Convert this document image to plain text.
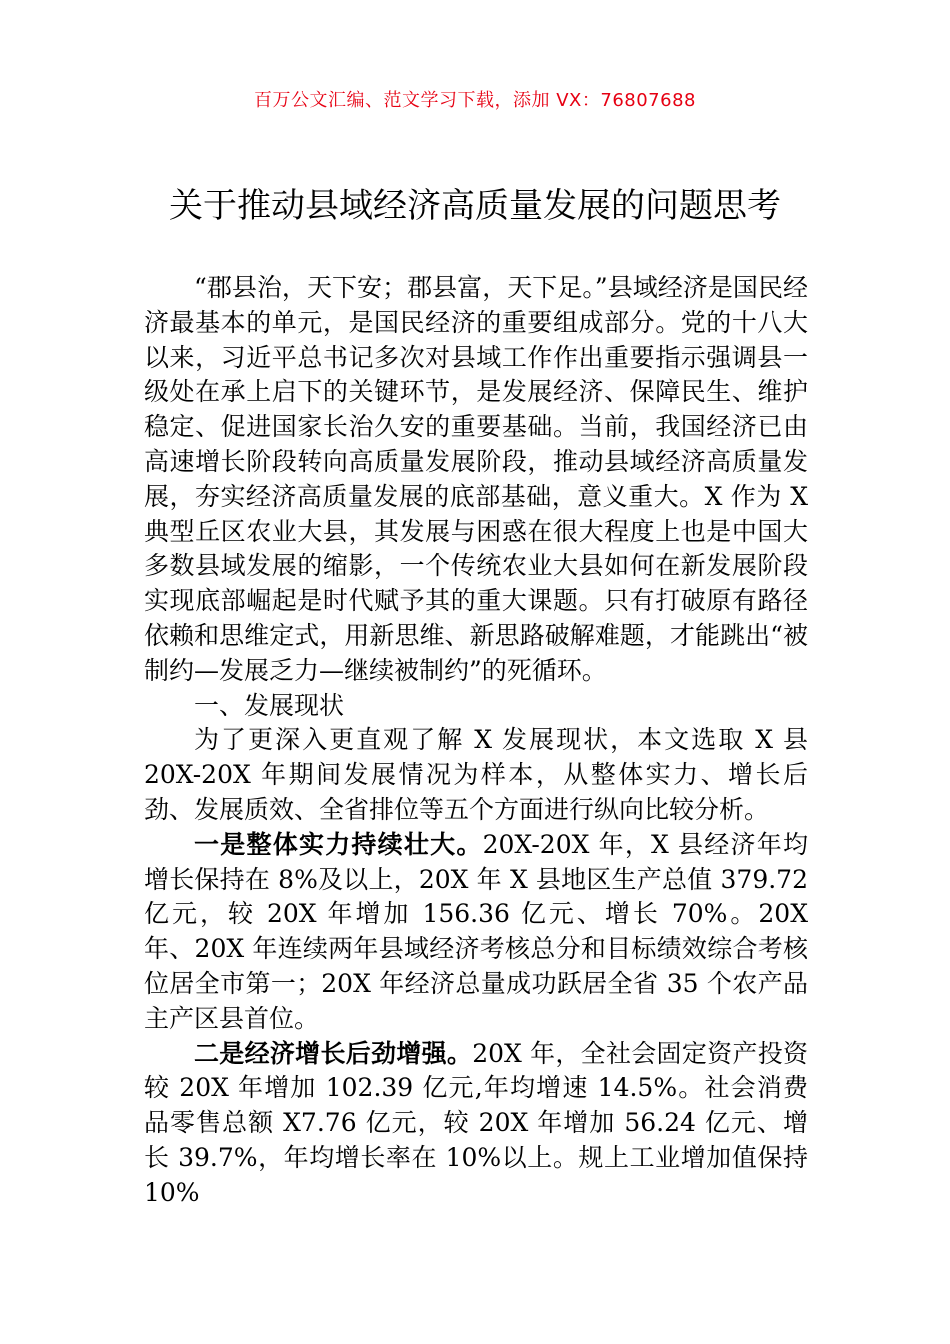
百万公文汇编、范文学习下载，添加 VX：76807688
关于推动县域经济高质量发展的问题思考

“郡县治，天下安；郡县富，天下足。”县域经济是国民经济最基本的单元，是国民经济的重要组成部分。党的十八大以来，习近平总书记多次对县域工作作出重要指示强调县一级处在承上启下的关键环节，是发展经济、保障民生、维护稳定、促进国家长治久安的重要基础。当前，我国经济已由高速增长阶段转向高质量发展阶段，推动县域经济高质量发展，夯实经济高质量发展的底部基础，意义重大。X 作为 X 典型丘区农业大县，其发展与困惑在很大程度上也是中国大多数县域发展的缩影，一个传统农业大县如何在新发展阶段实现底部崛起是时代赋予其的重大课题。只有打破原有路径依赖和思维定式，用新思维、新思路破解难题，才能跳出“被制约—发展乏力—继续被制约”的死循环。

一、发展现状

为了更深入更直观了解 X 发展现状，本文选取 X 县 20X-20X 年期间发展情况为样本，从整体实力、增长后劲、发展质效、全省排位等五个方面进行纵向比较分析。

一是整体实力持续壮大。20X-20X 年，X 县经济年均增长保持在 8%及以上，20X 年 X 县地区生产总值 379.72 亿元，较 20X 年增加 156.36 亿元、增长 70%。20X 年、20X 年连续两年县域经济考核总分和目标绩效综合考核位居全市第一；20X 年经济总量成功跃居全省 35 个农产品主产区县首位。

二是经济增长后劲增强。20X 年，全社会固定资产投资较 20X 年增加 102.39 亿元,年均增速 14.5%。社会消费品零售总额 X7.76 亿元，较 20X 年增加 56.24 亿元、增长 39.7%，年均增长率在 10%以上。规上工业增加值保持 10%
